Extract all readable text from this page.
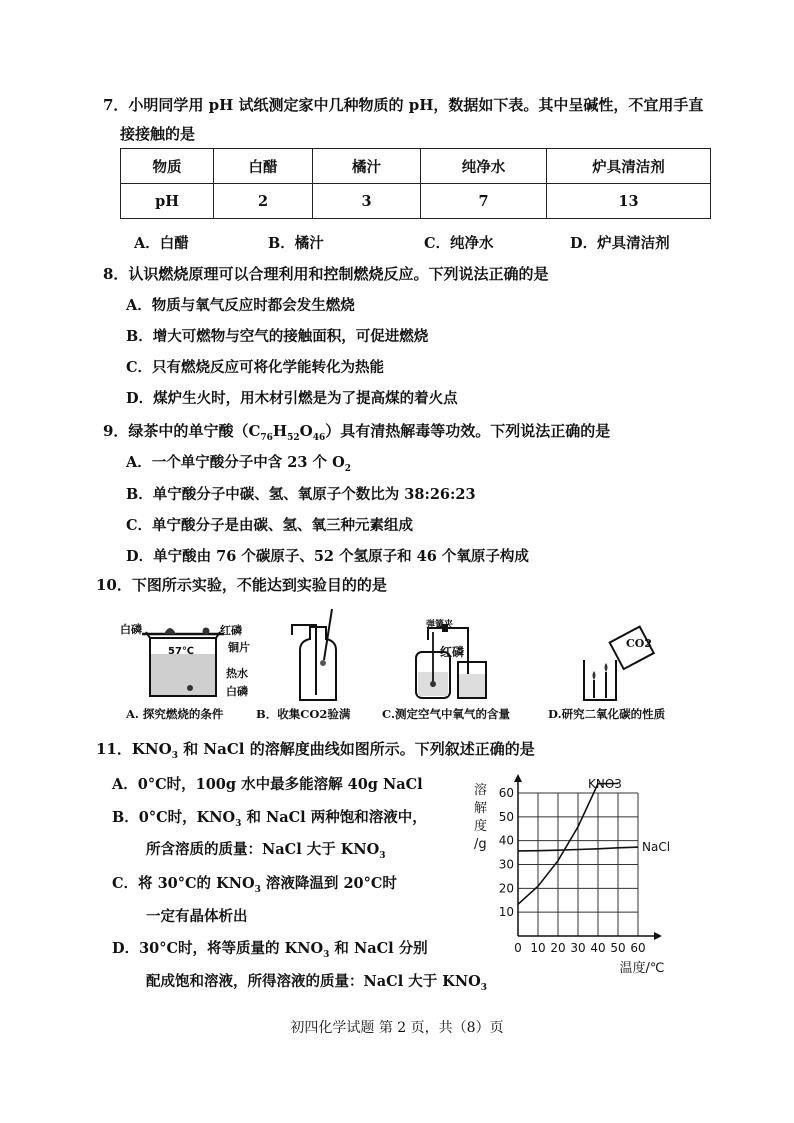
7．小明同学用 pH 试纸测定家中几种物质的 pH，数据如下表。其中呈碱性，不宜用手直
接接触的是
物质	白醋	橘汁	纯净水	炉具清洁剂
pH	2	3	7	13
A．白醋	B．橘汁	C．纯净水	D．炉具清洁剂
8．认识燃烧原理可以合理利用和控制燃烧反应。下列说法正确的是
A．物质与氧气反应时都会发生燃烧
B．增大可燃物与空气的接触面积，可促进燃烧
C．只有燃烧反应可将化学能转化为热能
D．煤炉生火时，用木材引燃是为了提高煤的着火点
9．绿茶中的单宁酸$(C_{76}H_{52}O_{46})$具有清热解毒等功效。下列说法正确的是
A．一个单宁酸分子中含 23 个 $O_2$
B．单宁酸分子中碳、氢、氧原子个数比为 38:26:23
C．单宁酸分子是由碳、氢、氧三种元素组成
D．单宁酸由 76 个碳原子、52 个氢原子和 46 个氧原子构成
10．下图所示实验，不能达到实验目的的是
57℃
白磷	红磷
铜片
热水
白磷
弹簧夹
红磷
CO2
A. 探究燃烧的条件	B．收集CO2验满	C.测定空气中氧气的含量	D.研究二氧化碳的性质
11．$KNO_3$ 和 NaCl 的溶解度曲线如图所示。下列叙述正确的是
A．0°C时，100g 水中最多能溶解 40g NaCl
B．0°C时，$KNO_3$ 和 NaCl 两种饱和溶液中，
所含溶质的质量：NaCl 大于 $KNO_3$
C．将 30°C的 $KNO_3$ 溶液降温到 20°C时
一定有晶体析出
D．30°C时，将等质量的 $KNO_3$ 和 NaCl 分别
配成饱和溶液，所得溶液的质量：NaCl 大于 $KNO_3$
0 10 20 30 40 50 60
10
20
30
40
50
60
溶
解
度
/g
温度/℃
KNO3
NaCl
初四化学试题 第 2 页，共（8）页
